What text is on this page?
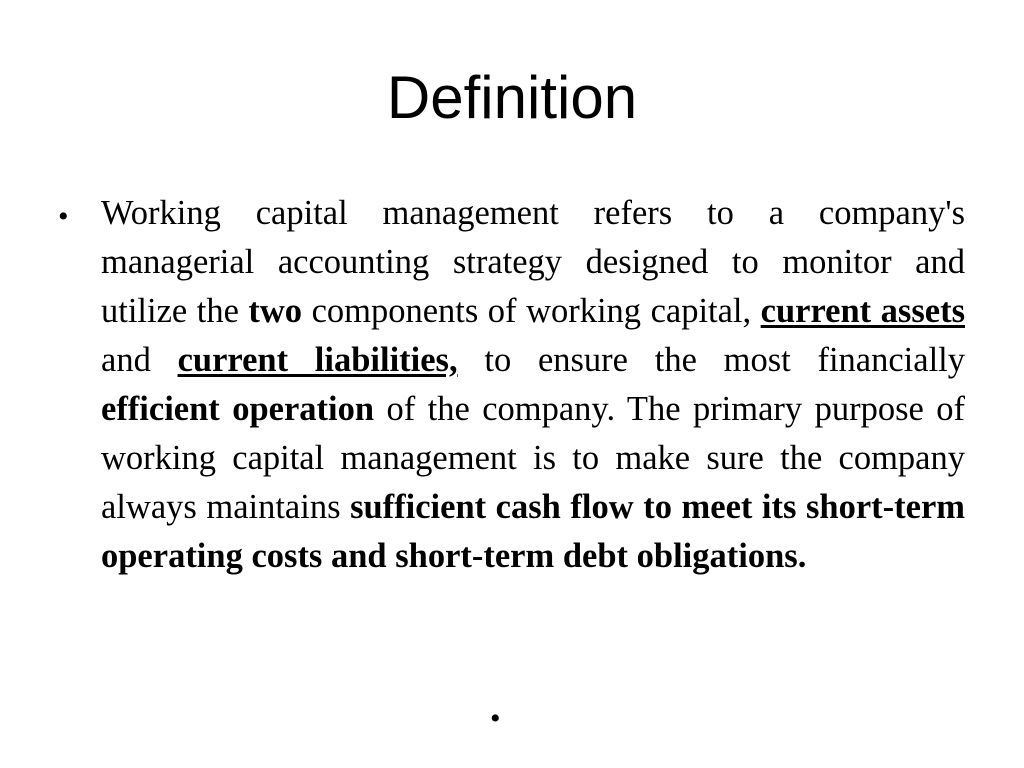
Definition
• Working capital management refers to a company's managerial accounting strategy designed to monitor and utilize the two components of working capital, current assets and current liabilities, to ensure the most financially efficient operation of the company. The primary purpose of working capital management is to make sure the company always maintains sufficient cash flow to meet its short-term operating costs and short-term debt obligations.

•
